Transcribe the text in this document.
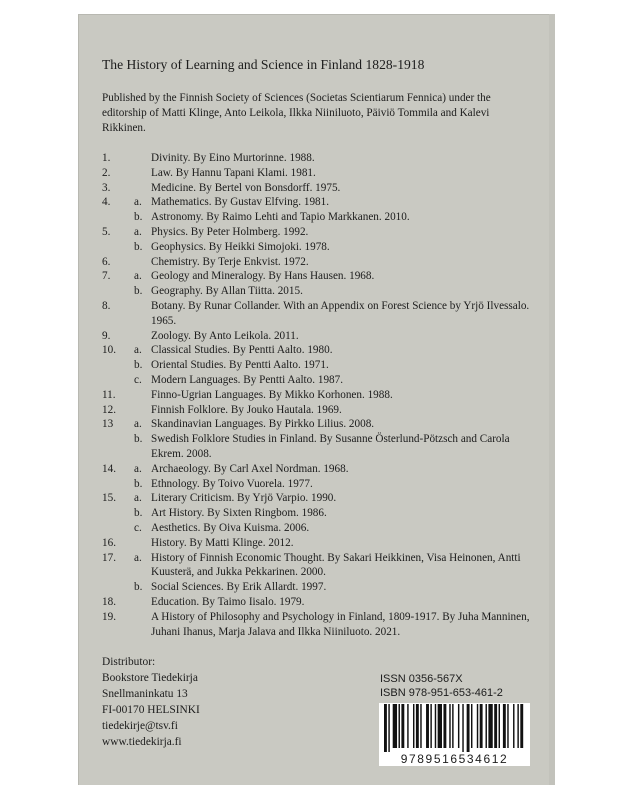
The History of Learning and Science in Finland 1828-1918
Published by the Finnish Society of Sciences (Societas Scientiarum Fennica) under the editorship of Matti Klinge, Anto Leikola, Ilkka Niiniluoto, Päiviö Tommila and Kalevi Rikkinen.
1.	Divinity. By Eino Murtorinne. 1988.
2.	Law. By Hannu Tapani Klami. 1981.
3.	Medicine. By Bertel von Bonsdorff. 1975.
4.	a. Mathematics. By Gustav Elfving. 1981.
b. Astronomy. By Raimo Lehti and Tapio Markkanen. 2010.
5.	a. Physics. By Peter Holmberg. 1992.
b. Geophysics. By Heikki Simojoki. 1978.
6.	Chemistry. By Terje Enkvist. 1972.
7.	a. Geology and Mineralogy. By Hans Hausen. 1968.
b. Geography. By Allan Tiitta. 2015.
8.	Botany. By Runar Collander. With an Appendix on Forest Science by Yrjö Ilvessalo. 1965.
9.	Zoology. By Anto Leikola. 2011.
10.	a. Classical Studies. By Pentti Aalto. 1980.
b. Oriental Studies. By Pentti Aalto. 1971.
c. Modern Languages. By Pentti Aalto. 1987.
11.	Finno-Ugrian Languages. By Mikko Korhonen. 1988.
12.	Finnish Folklore. By Jouko Hautala. 1969.
13	a. Skandinavian Languages. By Pirkko Lilius. 2008.
b. Swedish Folklore Studies in Finland. By Susanne Österlund-Pötzsch and Carola Ekrem. 2008.
14.	a. Archaeology. By Carl Axel Nordman. 1968.
b. Ethnology. By Toivo Vuorela. 1977.
15.	a. Literary Criticism. By Yrjö Varpio. 1990.
b. Art History. By Sixten Ringbom. 1986.
c. Aesthetics. By Oiva Kuisma. 2006.
16.	History. By Matti Klinge. 2012.
17.	a. History of Finnish Economic Thought. By Sakari Heikkinen, Visa Heinonen, Antti Kuusterä, and Jukka Pekkarinen. 2000.
b. Social Sciences. By Erik Allardt. 1997.
18.	Education. By Taimo Iisalo. 1979.
19.	A History of Philosophy and Psychology in Finland, 1809-1917. By Juha Manninen, Juhani Ihanus, Marja Jalava and Ilkka Niiniluoto. 2021.
Distributor:
Bookstore Tiedekirja
Snellmaninkatu 13
FI-00170 HELSINKI
tiedekirje@tsv.fi
www.tiedekirja.fi
ISSN 0356-567X
ISBN 978-951-653-461-2
9789516534612
